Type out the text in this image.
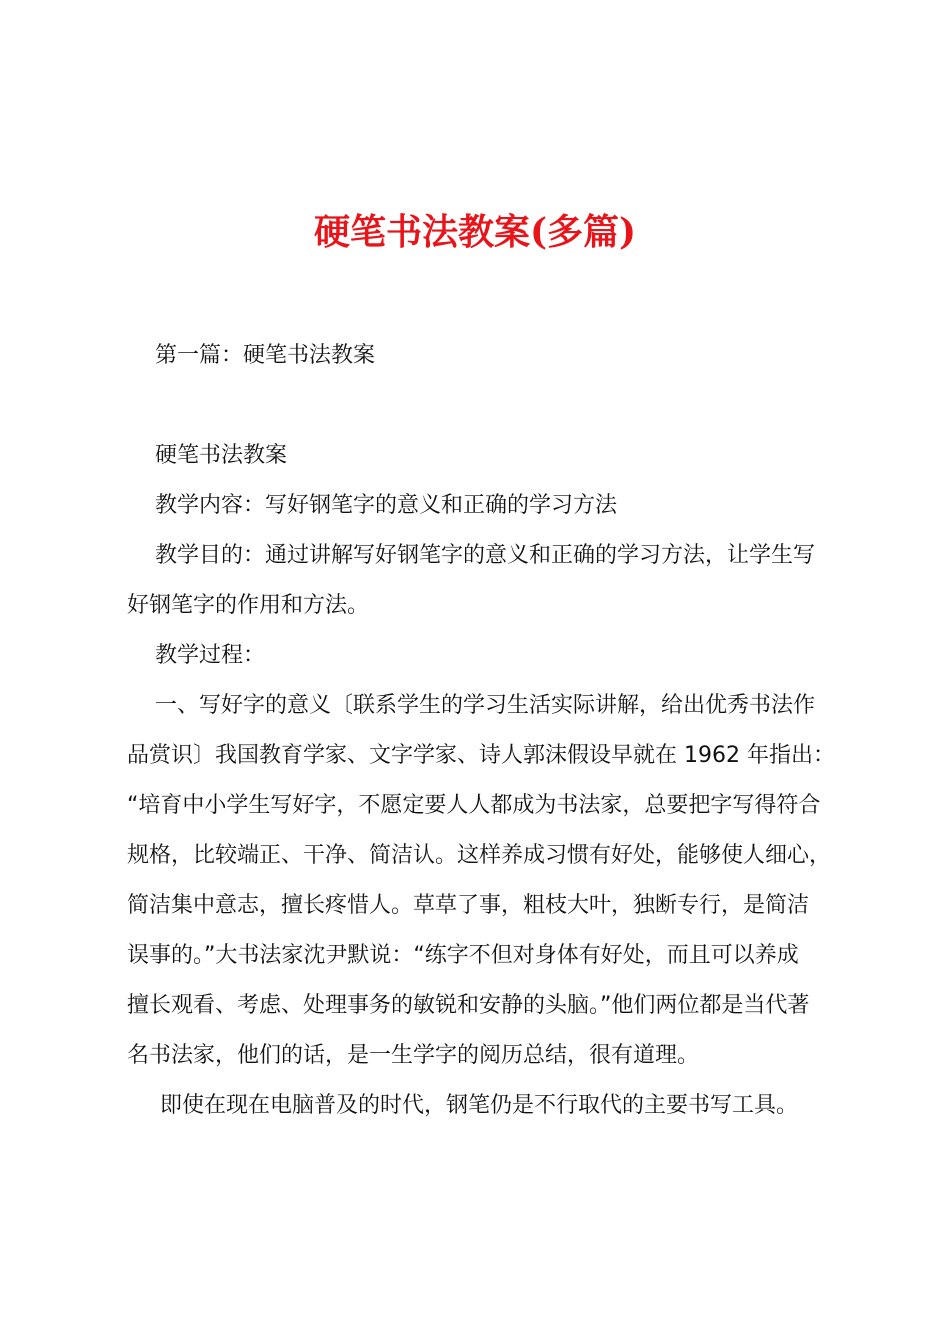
硬笔书法教案(多篇)
第一篇：硬笔书法教案
硬笔书法教案
教学内容：写好钢笔字的意义和正确的学习方法
教学目的：通过讲解写好钢笔字的意义和正确的学习方法，让学生写
好钢笔字的作用和方法。
教学过程：
一、写好字的意义〔联系学生的学习生活实际讲解，给出优秀书法作
品赏识〕我国教育学家、文字学家、诗人郭沫假设早就在 1962 年指出：
“培育中小学生写好字，不愿定要人人都成为书法家，总要把字写得符合
规格，比较端正、干净、简洁认。这样养成习惯有好处，能够使人细心，
简洁集中意志，擅长疼惜人。草草了事，粗枝大叶，独断专行，是简洁
误事的。”大书法家沈尹默说：“练字不但对身体有好处，而且可以养成
擅长观看、考虑、处理事务的敏锐和安静的头脑。”他们两位都是当代著
名书法家，他们的话，是一生学字的阅历总结，很有道理。
即使在现在电脑普及的时代，钢笔仍是不行取代的主要书写工具。
